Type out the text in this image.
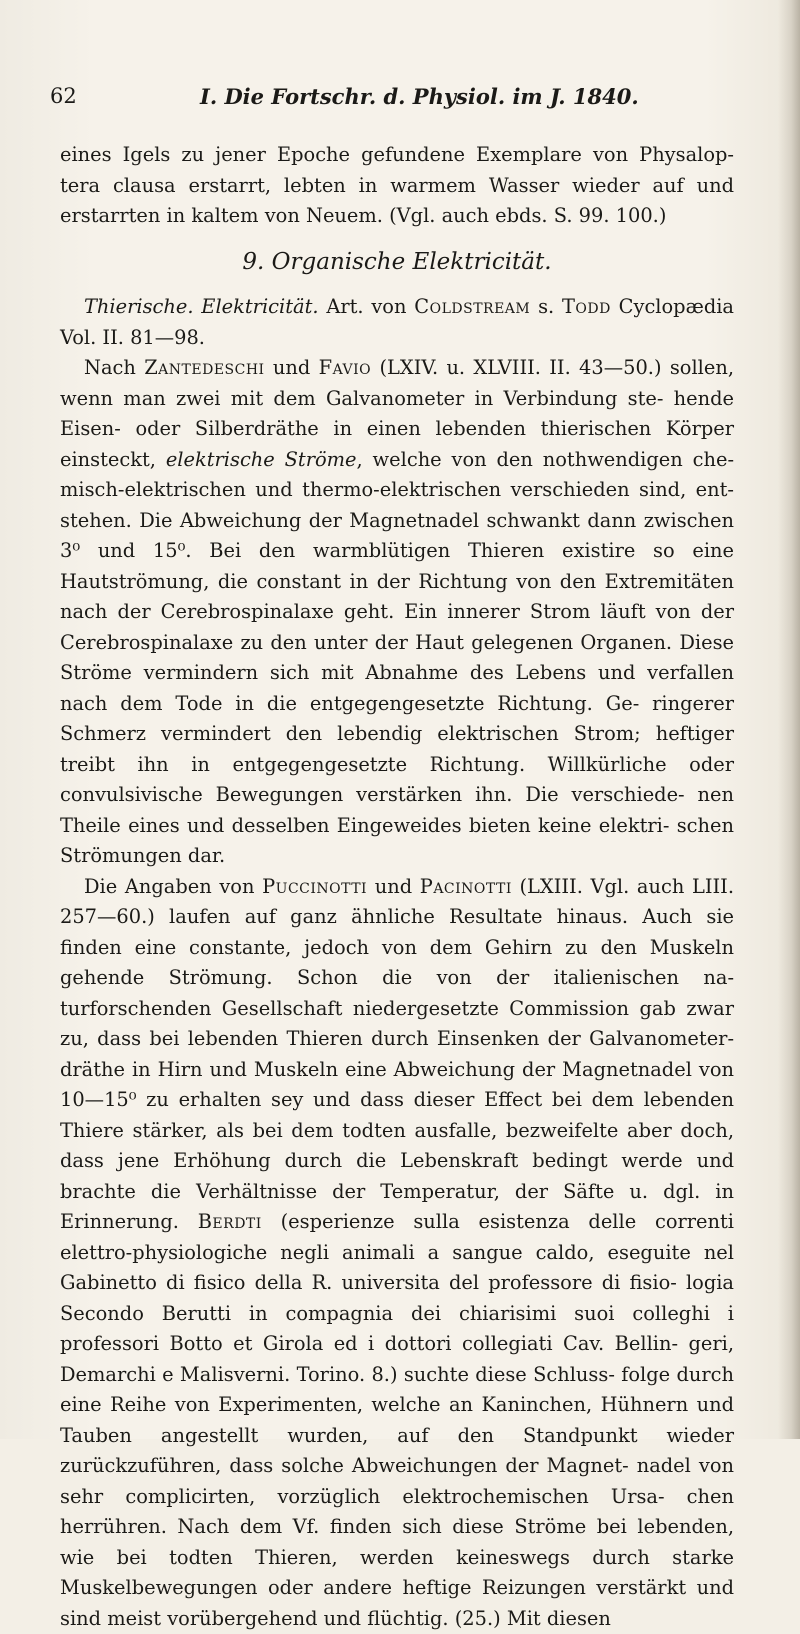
62	I. Die Fortschr. d. Physiol. im J. 1840.

eines Igels zu jener Epoche gefundene Exemplare von Physalop- tera clausa erstarrt, lebten in warmem Wasser wieder auf und erstarrten in kaltem von Neuem. (Vgl. auch ebds. S. 99. 100.)

9. Organische Elektricität.

Thierische. Elektricität. Art. von Coldstream s. Todd Cyclopædia Vol. II. 81—98.

Nach Zantedeschi und Favio (LXIV. u. XLVIII. II. 43—50.) sollen, wenn man zwei mit dem Galvanometer in Verbindung ste- hende Eisen- oder Silberdräthe in einen lebenden thierischen Körper einsteckt, elektrische Ströme, welche von den nothwendigen che- misch-elektrischen und thermo-elektrischen verschieden sind, ent- stehen. Die Abweichung der Magnetnadel schwankt dann zwischen 3⁰ und 15⁰. Bei den warmblütigen Thieren existire so eine Hautströmung, die constant in der Richtung von den Extremitäten nach der Cerebrospinalaxe geht. Ein innerer Strom läuft von der Cerebrospinalaxe zu den unter der Haut gelegenen Organen. Diese Ströme vermindern sich mit Abnahme des Lebens und verfallen nach dem Tode in die entgegengesetzte Richtung. Ge- ringerer Schmerz vermindert den lebendig elektrischen Strom; heftiger treibt ihn in entgegengesetzte Richtung. Willkürliche oder convulsivische Bewegungen verstärken ihn. Die verschiede- nen Theile eines und desselben Eingeweides bieten keine elektri- schen Strömungen dar.

Die Angaben von Puccinotti und Pacinotti (LXIII. Vgl. auch LIII. 257—60.) laufen auf ganz ähnliche Resultate hinaus. Auch sie finden eine constante, jedoch von dem Gehirn zu den Muskeln gehende Strömung. Schon die von der italienischen na- turforschenden Gesellschaft niedergesetzte Commission gab zwar zu, dass bei lebenden Thieren durch Einsenken der Galvanometer- dräthe in Hirn und Muskeln eine Abweichung der Magnetnadel von 10—15⁰ zu erhalten sey und dass dieser Effect bei dem lebenden Thiere stärker, als bei dem todten ausfalle, bezweifelte aber doch, dass jene Erhöhung durch die Lebenskraft bedingt werde und brachte die Verhältnisse der Temperatur, der Säfte u. dgl. in Erinnerung. Berdti (esperienze sulla esistenza delle correnti elettro-physiologiche negli animali a sangue caldo, eseguite nel Gabinetto di fisico della R. universita del professore di fisio- logia Secondo Berutti in compagnia dei chiarisimi suoi colleghi i professori Botto et Girola ed i dottori collegiati Cav. Bellin- geri, Demarchi e Malisverni. Torino. 8.) suchte diese Schluss- folge durch eine Reihe von Experimenten, welche an Kaninchen, Hühnern und Tauben angestellt wurden, auf den Standpunkt wieder zurückzuführen, dass solche Abweichungen der Magnet- nadel von sehr complicirten, vorzüglich elektrochemischen Ursa- chen herrühren. Nach dem Vf. finden sich diese Ströme bei lebenden, wie bei todten Thieren, werden keineswegs durch starke Muskelbewegungen oder andere heftige Reizungen verstärkt und sind meist vorübergehend und flüchtig. (25.) Mit diesen
